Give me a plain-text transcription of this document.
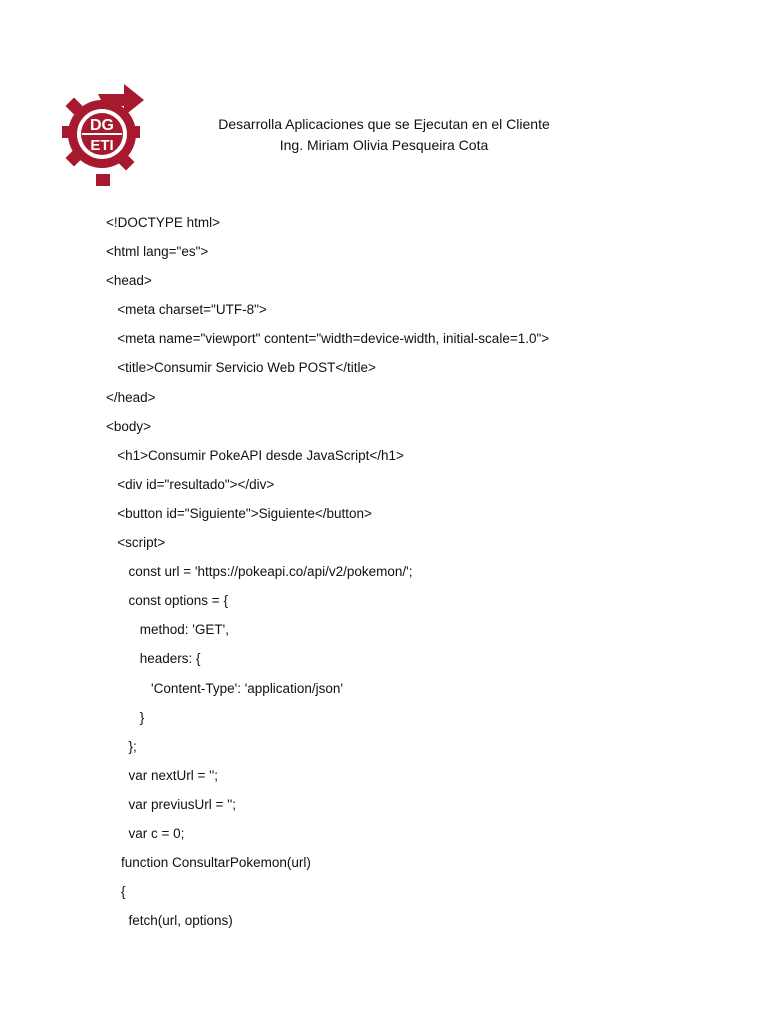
DG
ETI
Desarrolla Aplicaciones que se Ejecutan en el Cliente
Ing. Miriam Olivia Pesqueira Cota
<!DOCTYPE html>
<html lang="es">
<head>
<meta charset="UTF-8">
<meta name="viewport" content="width=device-width, initial-scale=1.0">
<title>Consumir Servicio Web POST</title>
</head>
<body>
<h1>Consumir PokeAPI desde JavaScript</h1>
<div id="resultado"></div>
<button id="Siguiente">Siguiente</button>
<script>
const url = 'https://pokeapi.co/api/v2/pokemon/';
const options = {
method: 'GET',
headers: {
'Content-Type': 'application/json'
}
};
var nextUrl = '';
var previusUrl = '';
var c = 0;
function ConsultarPokemon(url)
{
fetch(url, options)
